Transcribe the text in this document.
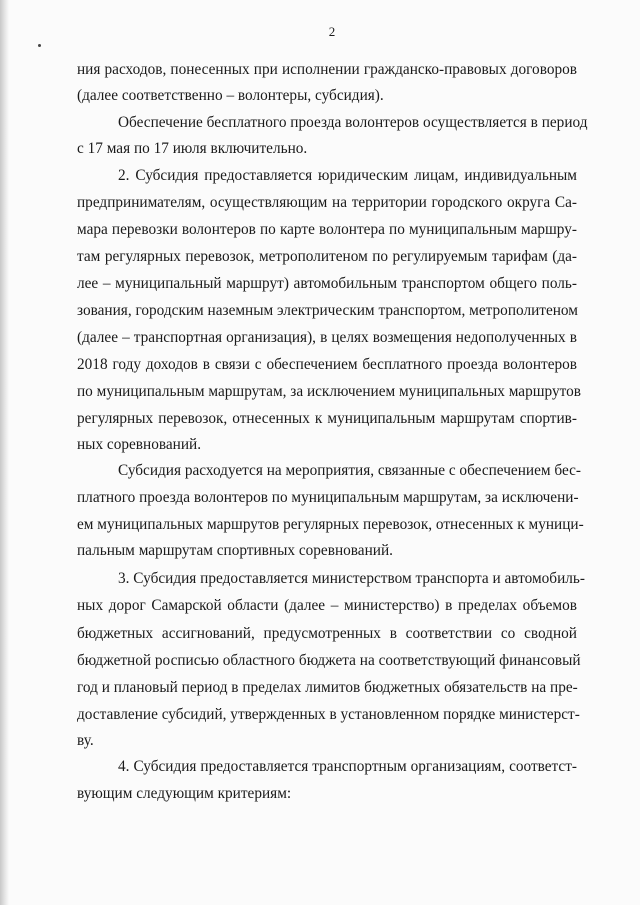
2
ния расходов, понесенных при исполнении гражданско-правовых договоров
(далее соответственно – волонтеры, субсидия).
Обеспечение бесплатного проезда волонтеров осуществляется в период
с 17 мая по 17 июля включительно.
2. Субсидия предоставляется юридическим лицам, индивидуальным
предпринимателям, осуществляющим на территории городского округа Са-
мара перевозки волонтеров по карте волонтера по муниципальным маршру-
там регулярных перевозок, метрополитеном по регулируемым тарифам (да-
лее – муниципальный маршрут) автомобильным транспортом общего поль-
зования, городским наземным электрическим транспортом, метрополитеном
(далее – транспортная организация), в целях возмещения недополученных в
2018 году доходов в связи с обеспечением бесплатного проезда волонтеров
по муниципальным маршрутам, за исключением муниципальных маршрутов
регулярных перевозок, отнесенных к муниципальным маршрутам спортив-
ных соревнований.
Субсидия расходуется на мероприятия, связанные с обеспечением бес-
платного проезда волонтеров по муниципальным маршрутам, за исключени-
ем муниципальных маршрутов регулярных перевозок, отнесенных к муници-
пальным маршрутам спортивных соревнований.
3. Субсидия предоставляется министерством транспорта и автомобиль-
ных дорог Самарской области (далее – министерство) в пределах объемов
бюджетных ассигнований, предусмотренных в соответствии со сводной
бюджетной росписью областного бюджета на соответствующий финансовый
год и плановый период в пределах лимитов бюджетных обязательств на пре-
доставление субсидий, утвержденных в установленном порядке министерст-
ву.
4. Субсидия предоставляется транспортным организациям, соответст-
вующим следующим критериям:
